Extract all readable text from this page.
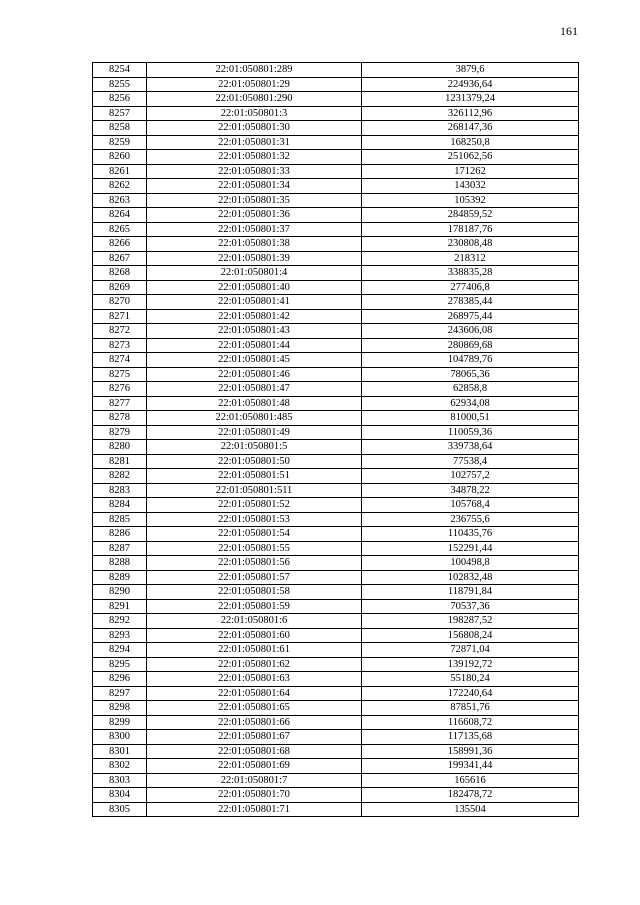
161
8254	22:01:050801:289	3879,6
8255	22:01:050801:29	224936,64
8256	22:01:050801:290	1231379,24
8257	22:01:050801:3	326112,96
8258	22:01:050801:30	268147,36
8259	22:01:050801:31	168250,8
8260	22:01:050801:32	251062,56
8261	22:01:050801:33	171262
8262	22:01:050801:34	143032
8263	22:01:050801:35	105392
8264	22:01:050801:36	284859,52
8265	22:01:050801:37	178187,76
8266	22:01:050801:38	230808,48
8267	22:01:050801:39	218312
8268	22:01:050801:4	338835,28
8269	22:01:050801:40	277406,8
8270	22:01:050801:41	278385,44
8271	22:01:050801:42	268975,44
8272	22:01:050801:43	243606,08
8273	22:01:050801:44	280869,68
8274	22:01:050801:45	104789,76
8275	22:01:050801:46	78065,36
8276	22:01:050801:47	62858,8
8277	22:01:050801:48	62934,08
8278	22:01:050801:485	81000,51
8279	22:01:050801:49	110059,36
8280	22:01:050801:5	339738,64
8281	22:01:050801:50	77538,4
8282	22:01:050801:51	102757,2
8283	22:01:050801:511	34878,22
8284	22:01:050801:52	105768,4
8285	22:01:050801:53	236755,6
8286	22:01:050801:54	110435,76
8287	22:01:050801:55	152291,44
8288	22:01:050801:56	100498,8
8289	22:01:050801:57	102832,48
8290	22:01:050801:58	118791,84
8291	22:01:050801:59	70537,36
8292	22:01:050801:6	198287,52
8293	22:01:050801:60	156808,24
8294	22:01:050801:61	72871,04
8295	22:01:050801:62	139192,72
8296	22:01:050801:63	55180,24
8297	22:01:050801:64	172240,64
8298	22:01:050801:65	87851,76
8299	22:01:050801:66	116608,72
8300	22:01:050801:67	117135,68
8301	22:01:050801:68	158991,36
8302	22:01:050801:69	199341,44
8303	22:01:050801:7	165616
8304	22:01:050801:70	182478,72
8305	22:01:050801:71	135504
